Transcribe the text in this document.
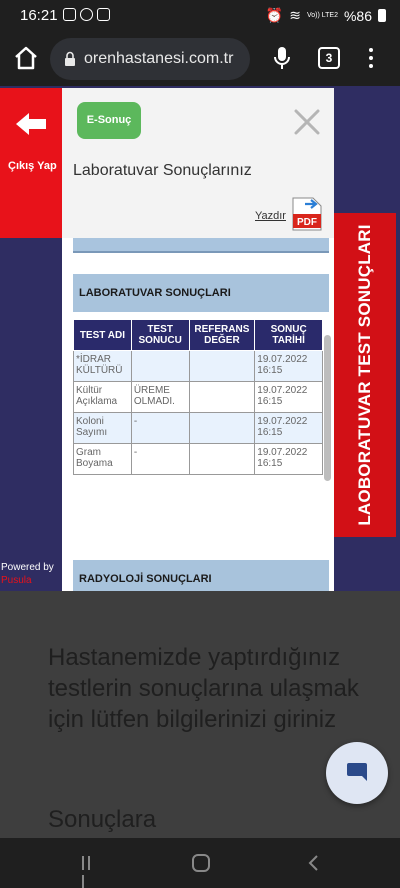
16:21	⏰ ≋ Vo)) LTE2 %86
orenhastanesi.com.tr	3
Çıkış Yap
Powered by
Pusula
LAOBORATUVAR TEST SONUÇLARI
E-Sonuç
Laboratuvar Sonuçlarınız
Yazdır
PDF
LABORATUVAR SONUÇLARI
TEST ADI	TEST SONUCU	REFERANS DEĞER	SONUÇ TARİHİ
*İDRAR KÜLTÜRÜ			19.07.2022 16:15
Kültür Açıklama	ÜREME OLMADI.		19.07.2022 16:15
Koloni Sayımı	-		19.07.2022 16:15
Gram Boyama	-		19.07.2022 16:15
RADYOLOJİ SONUÇLARI
Hastanemizde yaptırdığınız testlerin sonuçlarına ulaşmak için lütfen bilgilerinizi giriniz
Sonuçlara
